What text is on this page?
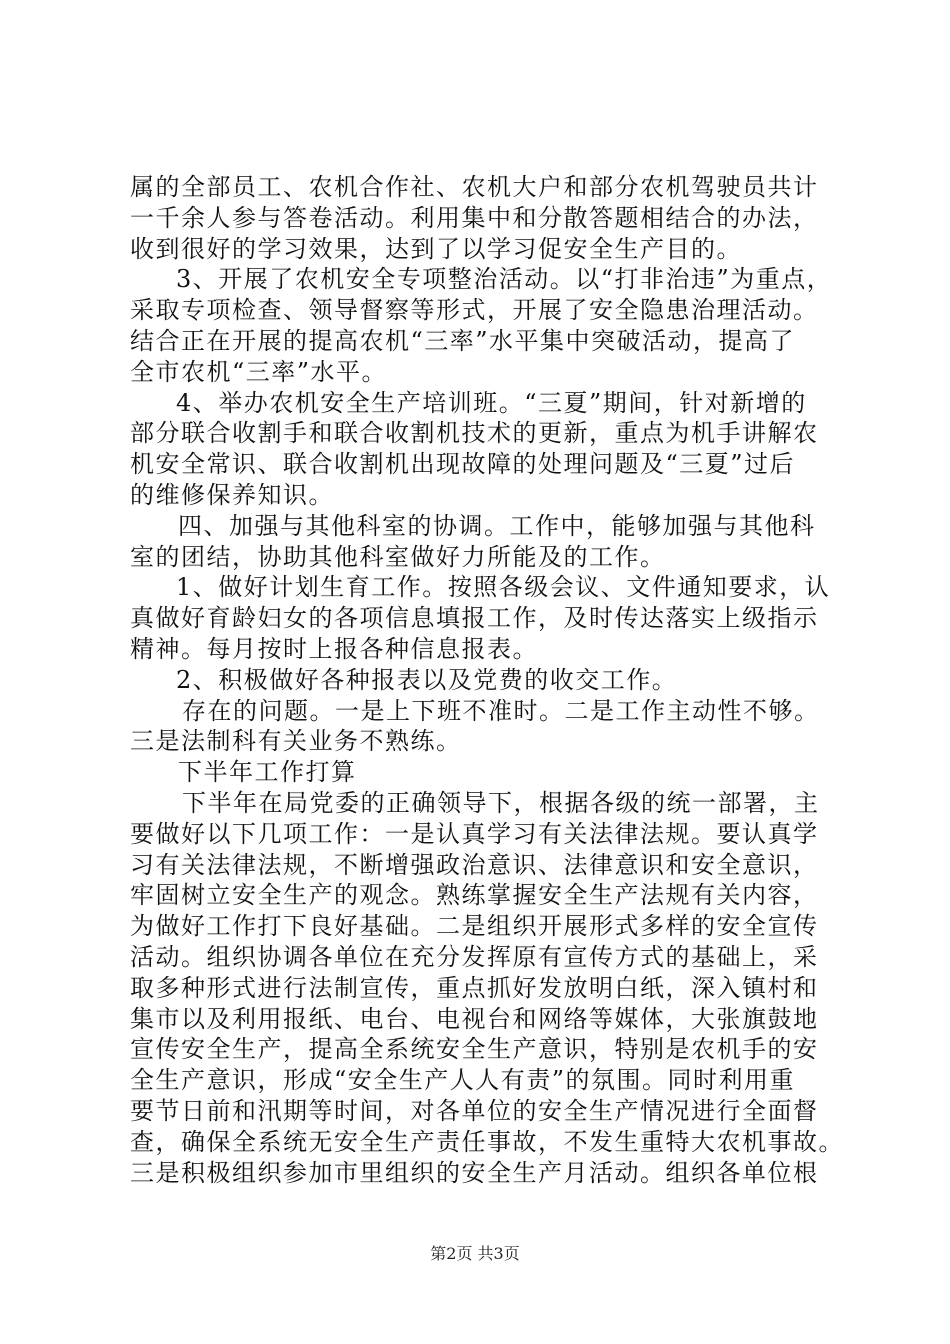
属的全部员工、农机合作社、农机大户和部分农机驾驶员共计
一千余人参与答卷活动。利用集中和分散答题相结合的办法，
收到很好的学习效果，达到了以学习促安全生产目的。
3、开展了农机安全专项整治活动。以“打非治违”为重点，
采取专项检查、领导督察等形式，开展了安全隐患治理活动。
结合正在开展的提高农机“三率”水平集中突破活动，提高了
全市农机“三率”水平。
4、举办农机安全生产培训班。“三夏”期间，针对新增的
部分联合收割手和联合收割机技术的更新，重点为机手讲解农
机安全常识、联合收割机出现故障的处理问题及“三夏”过后
的维修保养知识。
四、加强与其他科室的协调。工作中，能够加强与其他科
室的团结，协助其他科室做好力所能及的工作。
1、做好计划生育工作。按照各级会议、文件通知要求，认
真做好育龄妇女的各项信息填报工作，及时传达落实上级指示
精神。每月按时上报各种信息报表。
2、积极做好各种报表以及党费的收交工作。
存在的问题。一是上下班不准时。二是工作主动性不够。
三是法制科有关业务不熟练。
下半年工作打算
下半年在局党委的正确领导下，根据各级的统一部署，主
要做好以下几项工作：一是认真学习有关法律法规。要认真学
习有关法律法规，不断增强政治意识、法律意识和安全意识，
牢固树立安全生产的观念。熟练掌握安全生产法规有关内容，
为做好工作打下良好基础。二是组织开展形式多样的安全宣传
活动。组织协调各单位在充分发挥原有宣传方式的基础上，采
取多种形式进行法制宣传，重点抓好发放明白纸，深入镇村和
集市以及利用报纸、电台、电视台和网络等媒体，大张旗鼓地
宣传安全生产，提高全系统安全生产意识，特别是农机手的安
全生产意识，形成“安全生产人人有责”的氛围。同时利用重
要节日前和汛期等时间，对各单位的安全生产情况进行全面督
查，确保全系统无安全生产责任事故，不发生重特大农机事故。
三是积极组织参加市里组织的安全生产月活动。组织各单位根
第2页 共3页
